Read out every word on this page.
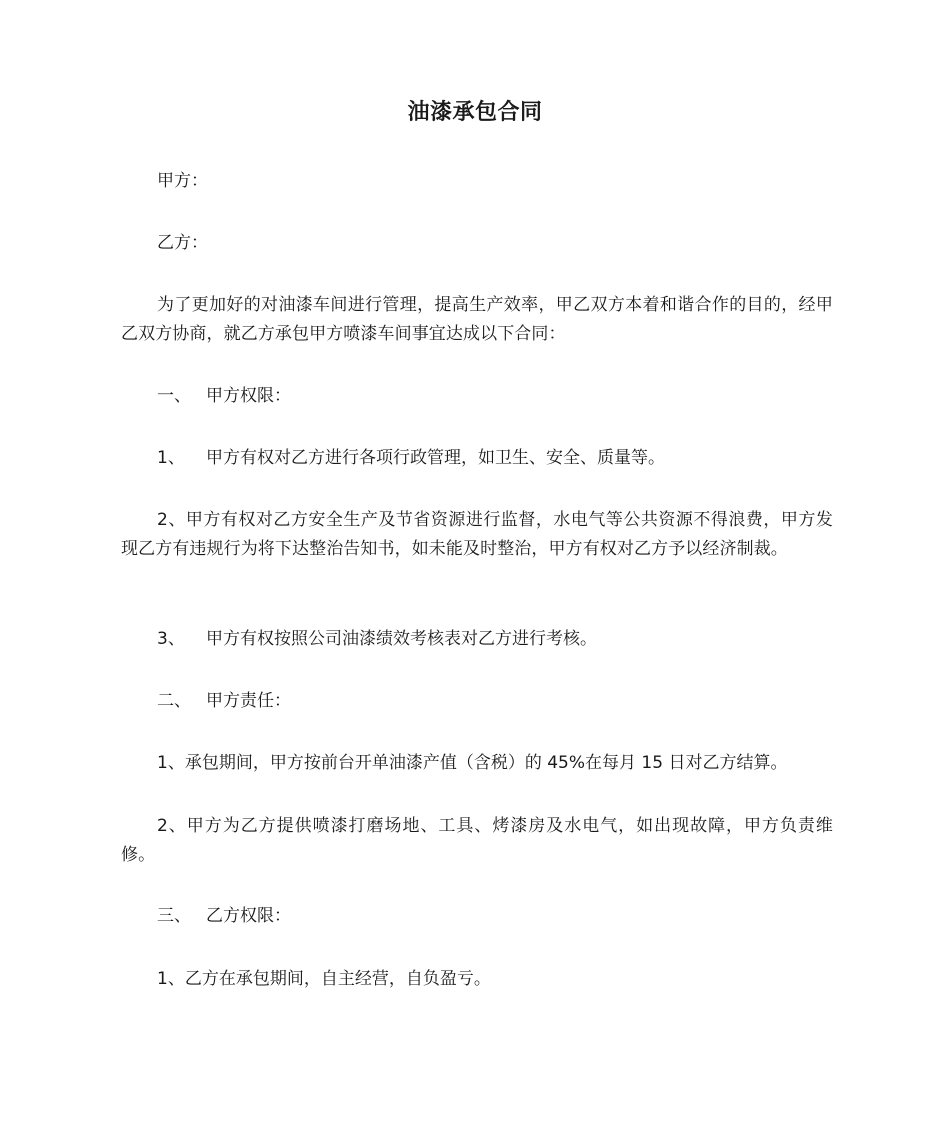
油漆承包合同
甲方：
乙方：
为了更加好的对油漆车间进行管理，提高生产效率，甲乙双方本着和谐合作的目的，经甲乙双方协商，就乙方承包甲方喷漆车间事宜达成以下合同：
一、 甲方权限：
1、 甲方有权对乙方进行各项行政管理，如卫生、安全、质量等。
2、甲方有权对乙方安全生产及节省资源进行监督，水电气等公共资源不得浪费，甲方发现乙方有违规行为将下达整治告知书，如未能及时整治，甲方有权对乙方予以经济制裁。
3、 甲方有权按照公司油漆绩效考核表对乙方进行考核。
二、 甲方责任：
1、承包期间，甲方按前台开单油漆产值（含税）的 45%在每月 15 日对乙方结算。
2、甲方为乙方提供喷漆打磨场地、工具、烤漆房及水电气，如出现故障，甲方负责维修。
三、 乙方权限：
1、乙方在承包期间，自主经营，自负盈亏。
